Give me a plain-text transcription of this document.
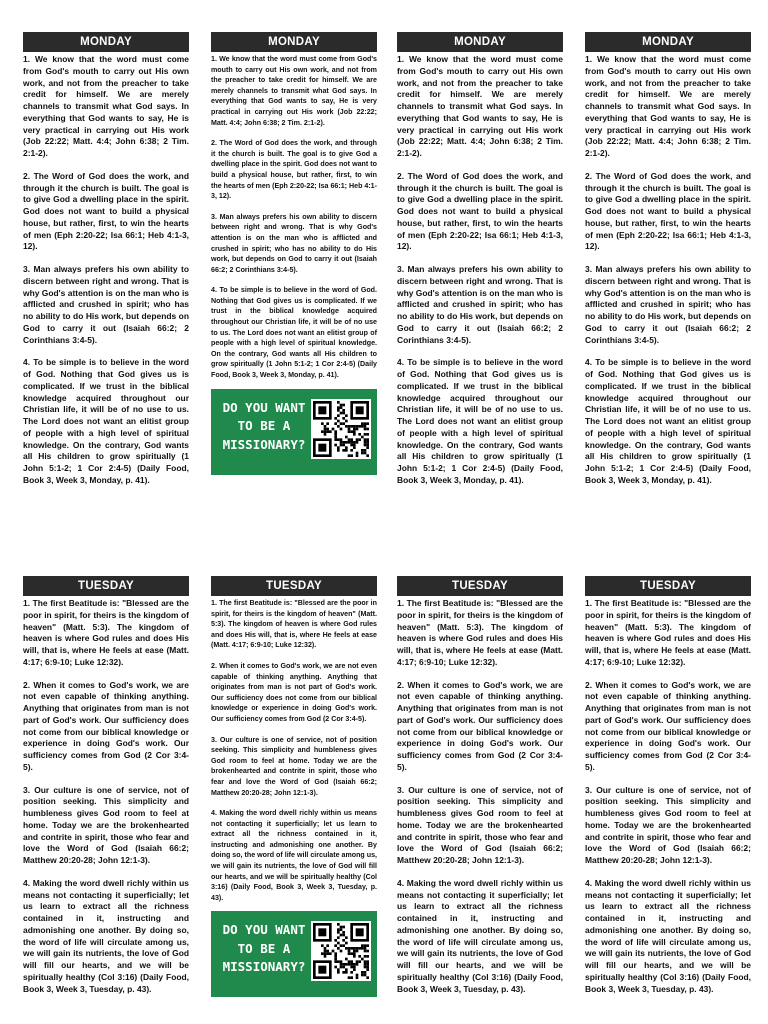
MONDAY

1. We know that the word must come from God's mouth to carry out His own work, and not from the preacher to take credit for himself. We are merely channels to transmit what God says. In everything that God wants to say, He is very practical in carrying out His work (Job 22:22; Matt. 4:4; John 6:38; 2 Tim. 2:1-2).

2. The Word of God does the work, and through it the church is built. The goal is to give God a dwelling place in the spirit. God does not want to build a physical house, but rather, first, to win the hearts of men (Eph 2:20-22; Isa 66:1; Heb 4:1-3, 12).

3. Man always prefers his own ability to discern between right and wrong. That is why God's attention is on the man who is afflicted and crushed in spirit; who has no ability to do His work, but depends on God to carry it out (Isaiah 66:2; 2 Corinthians 3:4-5).

4. To be simple is to believe in the word of God. Nothing that God gives us is complicated. If we trust in the biblical knowledge acquired throughout our Christian life, it will be of no use to us. The Lord does not want an elitist group of people with a high level of spiritual knowledge. On the contrary, God wants all His children to grow spiritually (1 John 5:1-2; 1 Cor 2:4-5) (Daily Food, Book 3, Week 3, Monday, p. 41).

MONDAY

1. We know that the word must come from God's mouth to carry out His own work, and not from the preacher to take credit for himself. We are merely channels to transmit what God says. In everything that God wants to say, He is very practical in carrying out His work (Job 22:22; Matt. 4:4; John 6:38; 2 Tim. 2:1-2).

2. The Word of God does the work, and through it the church is built. The goal is to give God a dwelling place in the spirit. God does not want to build a physical house, but rather, first, to win the hearts of men (Eph 2:20-22; Isa 66:1; Heb 4:1-3, 12).

3. Man always prefers his own ability to discern between right and wrong. That is why God's attention is on the man who is afflicted and crushed in spirit; who has no ability to do His work, but depends on God to carry it out (Isaiah 66:2; 2 Corinthians 3:4-5).

4. To be simple is to believe in the word of God. Nothing that God gives us is complicated. If we trust in the biblical knowledge acquired throughout our Christian life, it will be of no use to us. The Lord does not want an elitist group of people with a high level of spiritual knowledge. On the contrary, God wants all His children to grow spiritually (1 John 5:1-2; 1 Cor 2:4-5) (Daily Food, Book 3, Week 3, Monday, p. 41).

DO YOU WANT
TO BE A
MISSIONARY?
MONDAY

1. We know that the word must come from God's mouth to carry out His own work, and not from the preacher to take credit for himself. We are merely channels to transmit what God says. In everything that God wants to say, He is very practical in carrying out His work (Job 22:22; Matt. 4:4; John 6:38; 2 Tim. 2:1-2).

2. The Word of God does the work, and through it the church is built. The goal is to give God a dwelling place in the spirit. God does not want to build a physical house, but rather, first, to win the hearts of men (Eph 2:20-22; Isa 66:1; Heb 4:1-3, 12).

3. Man always prefers his own ability to discern between right and wrong. That is why God's attention is on the man who is afflicted and crushed in spirit; who has no ability to do His work, but depends on God to carry it out (Isaiah 66:2; 2 Corinthians 3:4-5).

4. To be simple is to believe in the word of God. Nothing that God gives us is complicated. If we trust in the biblical knowledge acquired throughout our Christian life, it will be of no use to us. The Lord does not want an elitist group of people with a high level of spiritual knowledge. On the contrary, God wants all His children to grow spiritually (1 John 5:1-2; 1 Cor 2:4-5) (Daily Food, Book 3, Week 3, Monday, p. 41).

MONDAY

1. We know that the word must come from God's mouth to carry out His own work, and not from the preacher to take credit for himself. We are merely channels to transmit what God says. In everything that God wants to say, He is very practical in carrying out His work (Job 22:22; Matt. 4:4; John 6:38; 2 Tim. 2:1-2).

2. The Word of God does the work, and through it the church is built. The goal is to give God a dwelling place in the spirit. God does not want to build a physical house, but rather, first, to win the hearts of men (Eph 2:20-22; Isa 66:1; Heb 4:1-3, 12).

3. Man always prefers his own ability to discern between right and wrong. That is why God's attention is on the man who is afflicted and crushed in spirit; who has no ability to do His work, but depends on God to carry it out (Isaiah 66:2; 2 Corinthians 3:4-5).

4. To be simple is to believe in the word of God. Nothing that God gives us is complicated. If we trust in the biblical knowledge acquired throughout our Christian life, it will be of no use to us. The Lord does not want an elitist group of people with a high level of spiritual knowledge. On the contrary, God wants all His children to grow spiritually (1 John 5:1-2; 1 Cor 2:4-5) (Daily Food, Book 3, Week 3, Monday, p. 41).

TUESDAY

1. The first Beatitude is: "Blessed are the poor in spirit, for theirs is the kingdom of heaven" (Matt. 5:3). The kingdom of heaven is where God rules and does His will, that is, where He feels at ease (Matt. 4:17; 6:9-10; Luke 12:32).

2. When it comes to God's work, we are not even capable of thinking anything. Anything that originates from man is not part of God's work. Our sufficiency does not come from our biblical knowledge or experience in doing God's work. Our sufficiency comes from God (2 Cor 3:4-5).

3. Our culture is one of service, not of position seeking. This simplicity and humbleness gives God room to feel at home. Today we are the brokenhearted and contrite in spirit, those who fear and love the Word of God (Isaiah 66:2; Matthew 20:20-28; John 12:1-3).

4. Making the word dwell richly within us means not contacting it superficially; let us learn to extract all the richness contained in it, instructing and admonishing one another. By doing so, the word of life will circulate among us, we will gain its nutrients, the love of God will fill our hearts, and we will be spiritually healthy (Col 3:16) (Daily Food, Book 3, Week 3, Tuesday, p. 43).

TUESDAY

1. The first Beatitude is: "Blessed are the poor in spirit, for theirs is the kingdom of heaven" (Matt. 5:3). The kingdom of heaven is where God rules and does His will, that is, where He feels at ease (Matt. 4:17; 6:9-10; Luke 12:32).

2. When it comes to God's work, we are not even capable of thinking anything. Anything that originates from man is not part of God's work. Our sufficiency does not come from our biblical knowledge or experience in doing God's work. Our sufficiency comes from God (2 Cor 3:4-5).

3. Our culture is one of service, not of position seeking. This simplicity and humbleness gives God room to feel at home. Today we are the brokenhearted and contrite in spirit, those who fear and love the Word of God (Isaiah 66:2; Matthew 20:20-28; John 12:1-3).

4. Making the word dwell richly within us means not contacting it superficially; let us learn to extract all the richness contained in it, instructing and admonishing one another. By doing so, the word of life will circulate among us, we will gain its nutrients, the love of God will fill our hearts, and we will be spiritually healthy (Col 3:16) (Daily Food, Book 3, Week 3, Tuesday, p. 43).

DO YOU WANT
TO BE A
MISSIONARY?
TUESDAY

1. The first Beatitude is: "Blessed are the poor in spirit, for theirs is the kingdom of heaven" (Matt. 5:3). The kingdom of heaven is where God rules and does His will, that is, where He feels at ease (Matt. 4:17; 6:9-10; Luke 12:32).

2. When it comes to God's work, we are not even capable of thinking anything. Anything that originates from man is not part of God's work. Our sufficiency does not come from our biblical knowledge or experience in doing God's work. Our sufficiency comes from God (2 Cor 3:4-5).

3. Our culture is one of service, not of position seeking. This simplicity and humbleness gives God room to feel at home. Today we are the brokenhearted and contrite in spirit, those who fear and love the Word of God (Isaiah 66:2; Matthew 20:20-28; John 12:1-3).

4. Making the word dwell richly within us means not contacting it superficially; let us learn to extract all the richness contained in it, instructing and admonishing one another. By doing so, the word of life will circulate among us, we will gain its nutrients, the love of God will fill our hearts, and we will be spiritually healthy (Col 3:16) (Daily Food, Book 3, Week 3, Tuesday, p. 43).

TUESDAY

1. The first Beatitude is: "Blessed are the poor in spirit, for theirs is the kingdom of heaven" (Matt. 5:3). The kingdom of heaven is where God rules and does His will, that is, where He feels at ease (Matt. 4:17; 6:9-10; Luke 12:32).

2. When it comes to God's work, we are not even capable of thinking anything. Anything that originates from man is not part of God's work. Our sufficiency does not come from our biblical knowledge or experience in doing God's work. Our sufficiency comes from God (2 Cor 3:4-5).

3. Our culture is one of service, not of position seeking. This simplicity and humbleness gives God room to feel at home. Today we are the brokenhearted and contrite in spirit, those who fear and love the Word of God (Isaiah 66:2; Matthew 20:20-28; John 12:1-3).

4. Making the word dwell richly within us means not contacting it superficially; let us learn to extract all the richness contained in it, instructing and admonishing one another. By doing so, the word of life will circulate among us, we will gain its nutrients, the love of God will fill our hearts, and we will be spiritually healthy (Col 3:16) (Daily Food, Book 3, Week 3, Tuesday, p. 43).
